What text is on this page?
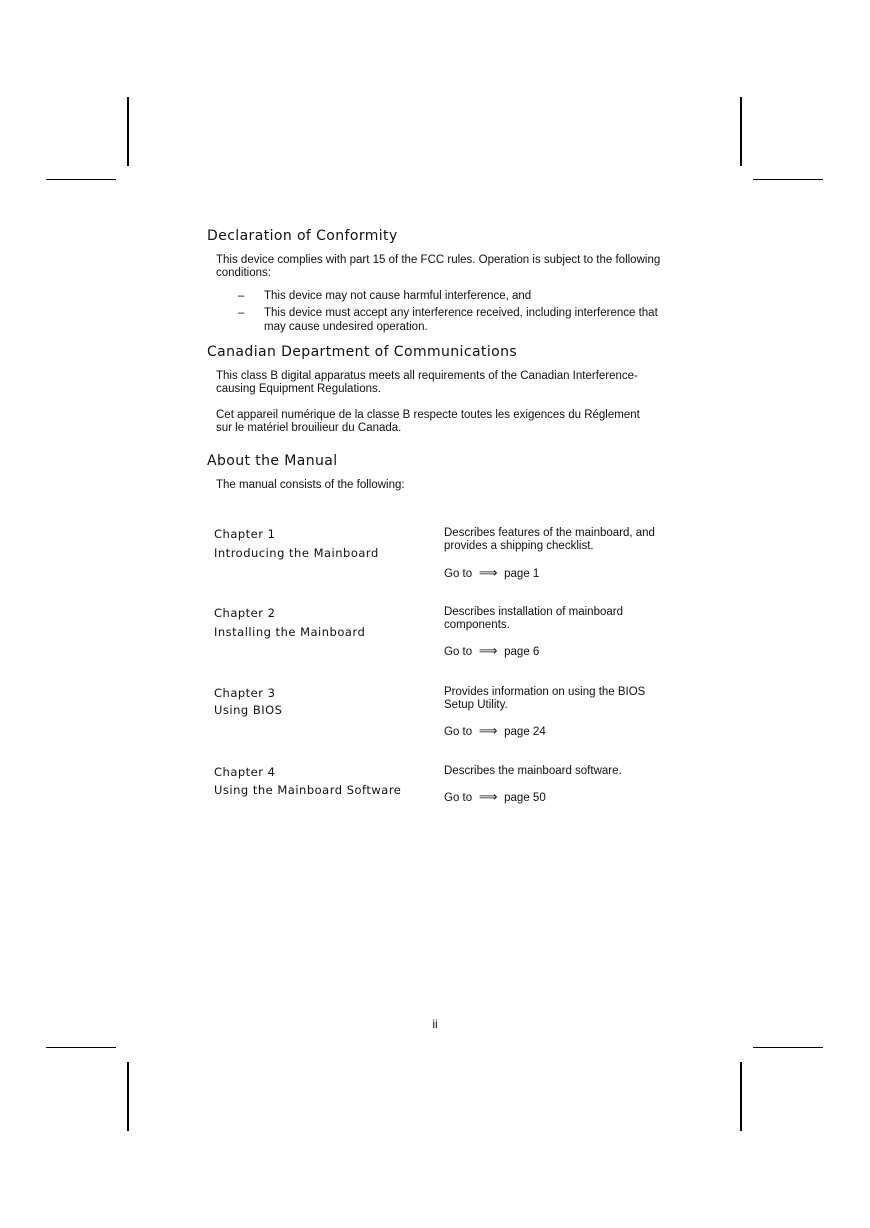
Declaration of Conformity

This device complies with part 15 of the FCC rules. Operation is subject to the following conditions:

–	This device may not cause harmful interference, and
–	This device must accept any interference received, including interference that may cause undesired operation.
Canadian Department of Communications

This class B digital apparatus meets all requirements of the Canadian Interference-causing Equipment Regulations.

Cet appareil numérique de la classe B respecte toutes les exigences du Réglement sur le matériel brouilieur du Canada.

About the Manual

The manual consists of the following:

Chapter 1
Introducing the Mainboard
Describes features of the mainboard, and provides a shipping checklist.
Go to ⟹ page 1
Chapter 2
Installing the Mainboard
Describes installation of mainboard components.
Go to ⟹ page 6
Chapter 3
Using BIOS
Provides information on using the BIOS Setup Utility.
Go to ⟹ page 24
Chapter 4
Using the Mainboard Software
Describes the mainboard software.
Go to ⟹ page 50
ii
